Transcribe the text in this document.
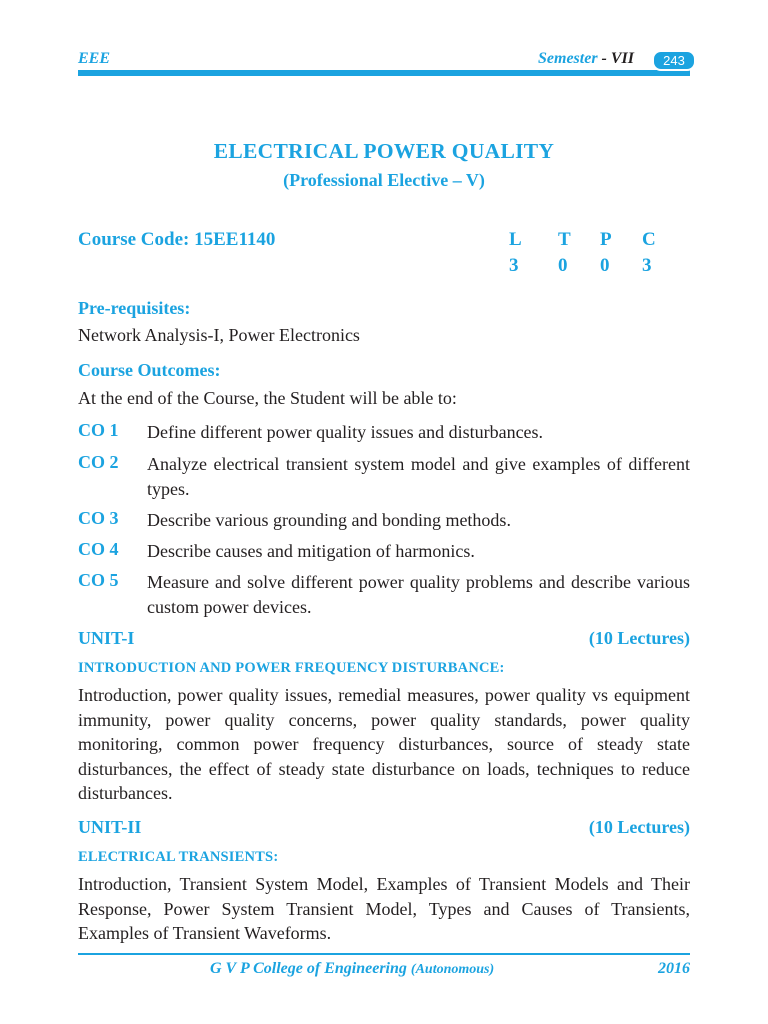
EEE	Semester - VII	243
ELECTRICAL POWER QUALITY
(Professional Elective – V)
Course Code: 15EE1140	L	T	P	C
3	0	0	3
Pre-requisites:
Network Analysis-I, Power Electronics
Course Outcomes:
At the end of the Course, the Student will be able to:
CO 1 Define different power quality issues and disturbances.
CO 2 Analyze electrical transient system model and give examples of different types.
CO 3 Describe various grounding and bonding methods.
CO 4 Describe causes and mitigation of harmonics.
CO 5 Measure and solve different power quality problems and describe various custom power devices.
UNIT-I	(10 Lectures)
INTRODUCTION AND POWER FREQUENCY DISTURBANCE:
Introduction, power quality issues, remedial measures, power quality vs equipment immunity, power quality concerns, power quality standards, power quality monitoring, common power frequency disturbances, source of steady state disturbances, the effect of steady state disturbance on loads, techniques to reduce disturbances.
UNIT-II	(10 Lectures)
ELECTRICAL TRANSIENTS:
Introduction, Transient System Model, Examples of Transient Models and Their Response, Power System Transient Model, Types and Causes of Transients, Examples of Transient Waveforms.
G V P College of Engineering (Autonomous)	2016
